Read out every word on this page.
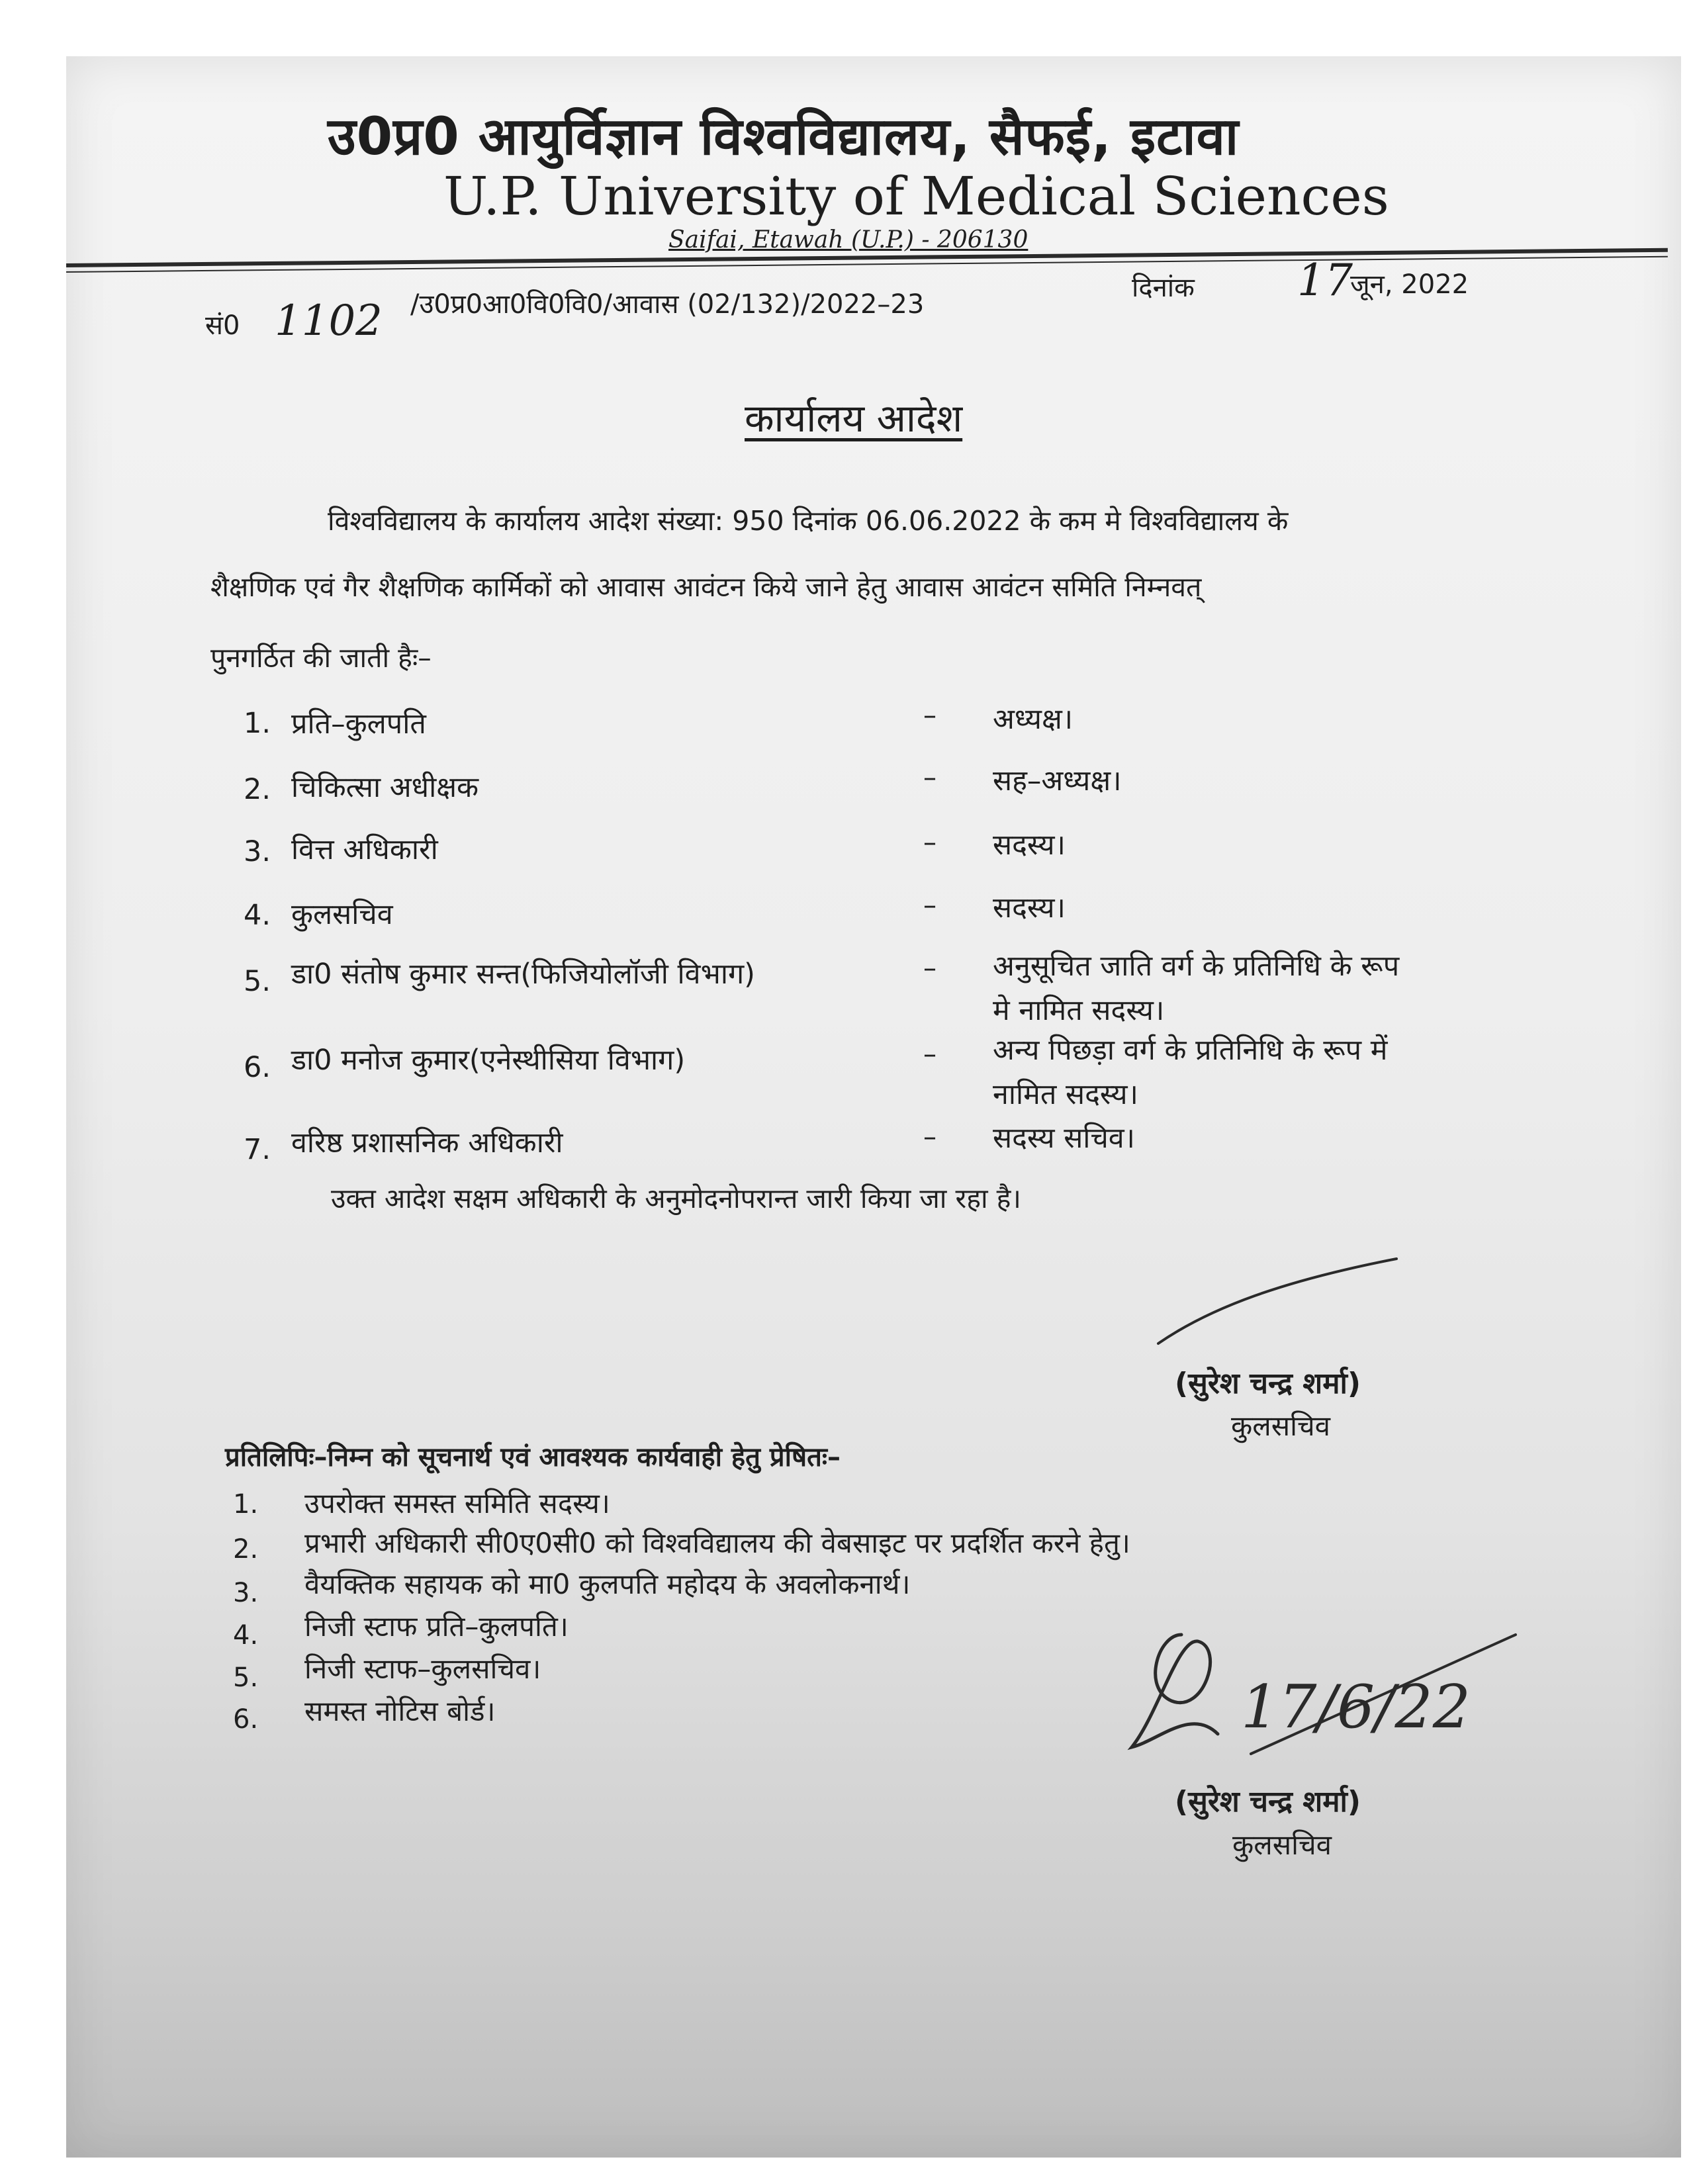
उ0प्र0 आयुर्विज्ञान विश्वविद्यालय, सैफई, इटावा
U.P. University of Medical Sciences
Saifai, Etawah (U.P.) - 206130
सं0 1102 /उ0प्र0आ0वि0वि0/आवास (02/132)/2022–23
दिनांक 17
जून, 2022
कार्यालय आदेश
विश्वविद्यालय के कार्यालय आदेश संख्या: 950 दिनांक 06.06.2022 के कम मे विश्वविद्यालय के
शैक्षणिक एवं गैर शैक्षणिक कार्मिकों को आवास आवंटन किये जाने हेतु आवास आवंटन समिति निम्नवत्
पुनगर्ठित की जाती हैः–
1. प्रति–कुलपति	– अध्यक्ष।
2. चिकित्सा अधीक्षक	– सह–अध्यक्ष।
3. वित्त अधिकारी	– सदस्य।
4. कुलसचिव	– सदस्य।
5. डा0 संतोष कुमार सन्त(फिजियोलॉजी विभाग)	– अनुसूचित जाति वर्ग के प्रतिनिधि के रूप
मे नामित सदस्य।
6. डा0 मनोज कुमार(एनेस्थीसिया विभाग)	– अन्य पिछड़ा वर्ग के प्रतिनिधि के रूप में
नामित सदस्य।
7. वरिष्ठ प्रशासनिक अधिकारी	– सदस्य सचिव।
उक्त आदेश सक्षम अधिकारी के अनुमोदनोपरान्त जारी किया जा रहा है।
(सुरेश चन्द्र शर्मा)
कुलसचिव
प्रतिलिपिः–निम्न को सूचनार्थ एवं आवश्यक कार्यवाही हेतु प्रेषितः–
1. उपरोक्त समस्त समिति सदस्य।
2. प्रभारी अधिकारी सी0ए0सी0 को विश्वविद्यालय की वेबसाइट पर प्रदर्शित करने हेतु।
3. वैयक्तिक सहायक को मा0 कुलपति महोदय के अवलोकनार्थ।
4. निजी स्टाफ प्रति–कुलपति।
5. निजी स्टाफ–कुलसचिव।
6. समस्त नोटिस बोर्ड।	17/6/22
(सुरेश चन्द्र शर्मा)
कुलसचिव
